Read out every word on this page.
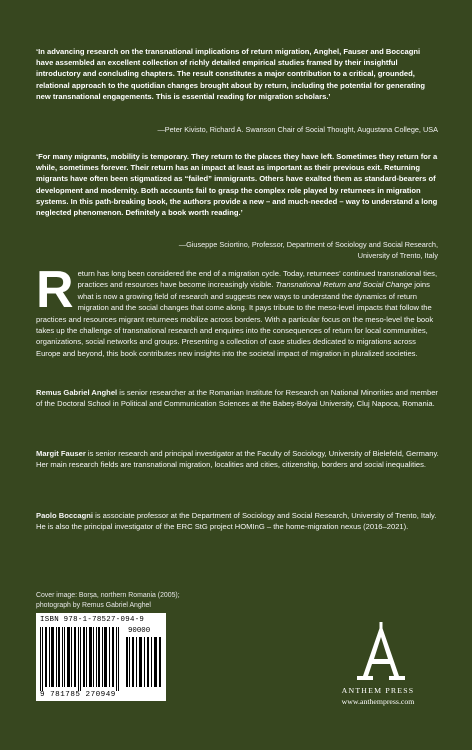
‘In advancing research on the transnational implications of return migration, Anghel, Fauser and Boccagni have assembled an excellent collection of richly detailed empirical studies framed by their insightful introductory and concluding chapters. The result constitutes a major contribution to a critical, grounded, relational approach to the quotidian changes brought about by return, including the potential for generating new transnational engagements. This is essential reading for migration scholars.’
—Peter Kivisto, Richard A. Swanson Chair of Social Thought, Augustana College, USA
‘For many migrants, mobility is temporary. They return to the places they have left. Sometimes they return for a while, sometimes forever. Their return has an impact at least as important as their previous exit. Returning migrants have often been stigmatized as “failed” immigrants. Others have exalted them as standard-bearers of development and modernity. Both accounts fail to grasp the complex role played by returnees in migration systems. In this path-breaking book, the authors provide a new – and much-needed – way to understand a long neglected phenomenon. Definitely a book worth reading.’
—Giuseppe Sciortino, Professor, Department of Sociology and Social Research,
University of Trento, Italy
Return has long been considered the end of a migration cycle. Today, returnees’ continued transnational ties, practices and resources have become increasingly visible. Transnational Return and Social Change joins what is now a growing field of research and suggests new ways to understand the dynamics of return migration and the social changes that come along. It pays tribute to the meso-level impacts that follow the practices and resources migrant returnees mobilize across borders. With a particular focus on the meso-level the book takes up the challenge of transnational research and enquires into the consequences of return for local communities, organizations, social networks and groups. Presenting a collection of case studies dedicated to migrations across Europe and beyond, this book contributes new insights into the societal impact of migration in pluralized societies.
Remus Gabriel Anghel is senior researcher at the Romanian Institute for Research on National Minorities and member of the Doctoral School in Political and Communication Sciences at the Babeș-Bolyai University, Cluj Napoca, Romania.
Margit Fauser is senior research and principal investigator at the Faculty of Sociology, University of Bielefeld, Germany. Her main research fields are transnational migration, localities and cities, citizenship, borders and social inequalities.
Paolo Boccagni is associate professor at the Department of Sociology and Social Research, University of Trento, Italy. He is also the principal investigator of the ERC StG project HOMInG – the home-migration nexus (2016–2021).
Cover image: Borșa, northern Romania (2005);
photograph by Remus Gabriel Anghel
ISBN 978-1-78527-094-9
90000
9 781785 270949	ANTHEM PRESS
www.anthempress.com
